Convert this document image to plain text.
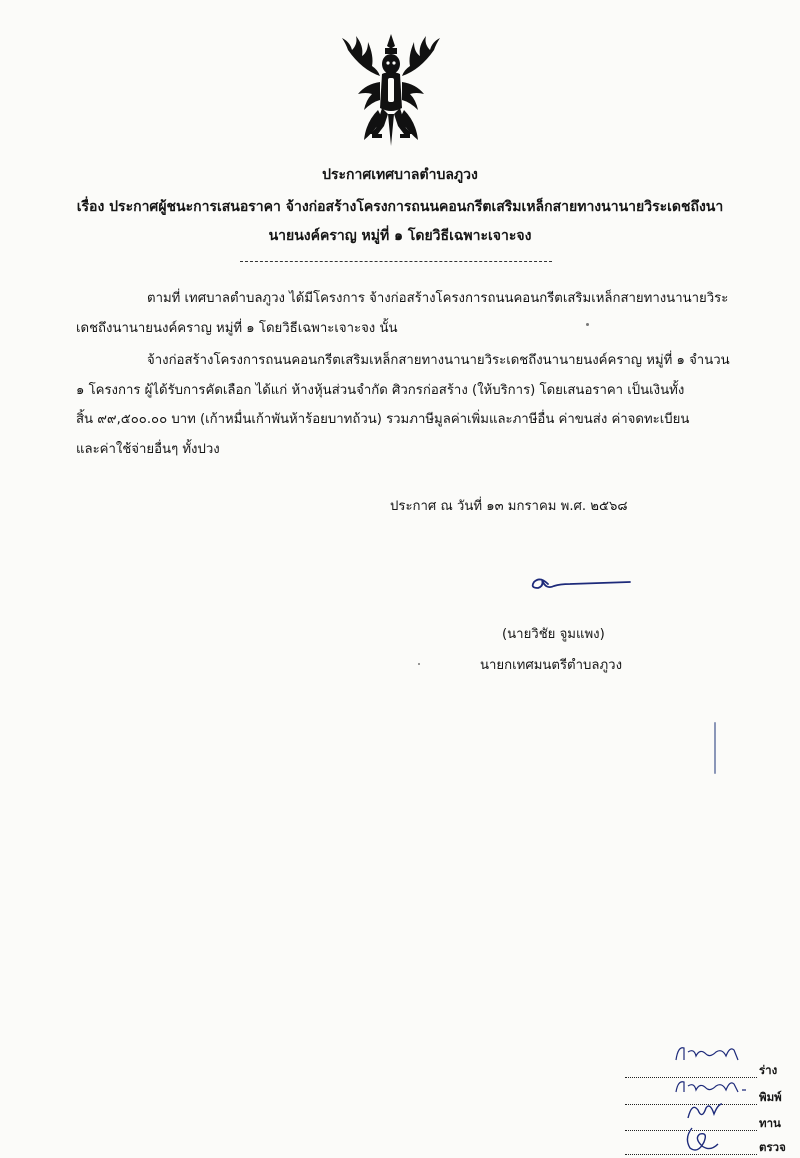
ประกาศเทศบาลตำบลภูวง
เรื่อง ประกาศผู้ชนะการเสนอราคา จ้างก่อสร้างโครงการถนนคอนกรีตเสริมเหล็กสายทางนานายวิระเดชถึงนา
นายนงค์คราญ หมู่ที่ ๑ โดยวิธีเฉพาะเจาะจง
ตามที่ เทศบาลตำบลภูวง ได้มีโครงการ จ้างก่อสร้างโครงการถนนคอนกรีตเสริมเหล็กสายทางนานายวิระ
เดชถึงนานายนงค์คราญ หมู่ที่ ๑ โดยวิธีเฉพาะเจาะจง นั้น
จ้างก่อสร้างโครงการถนนคอนกรีตเสริมเหล็กสายทางนานายวิระเดชถึงนานายนงค์คราญ หมู่ที่ ๑ จำนวน
๑ โครงการ ผู้ได้รับการคัดเลือก ได้แก่ ห้างหุ้นส่วนจำกัด ศิวกรก่อสร้าง (ให้บริการ) โดยเสนอราคา เป็นเงินทั้ง
สิ้น ๙๙,๕๐๐.๐๐ บาท (เก้าหมื่นเก้าพันห้าร้อยบาทถ้วน) รวมภาษีมูลค่าเพิ่มและภาษีอื่น ค่าขนส่ง ค่าจดทะเบียน
และค่าใช้จ่ายอื่นๆ ทั้งปวง
ประกาศ ณ วันที่ ๑๓ มกราคม พ.ศ. ๒๕๖๘
(นายวิชัย จูมแพง)
นายกเทศมนตรีตำบลภูวง
ร่าง
พิมพ์
ทาน
ตรวจ
